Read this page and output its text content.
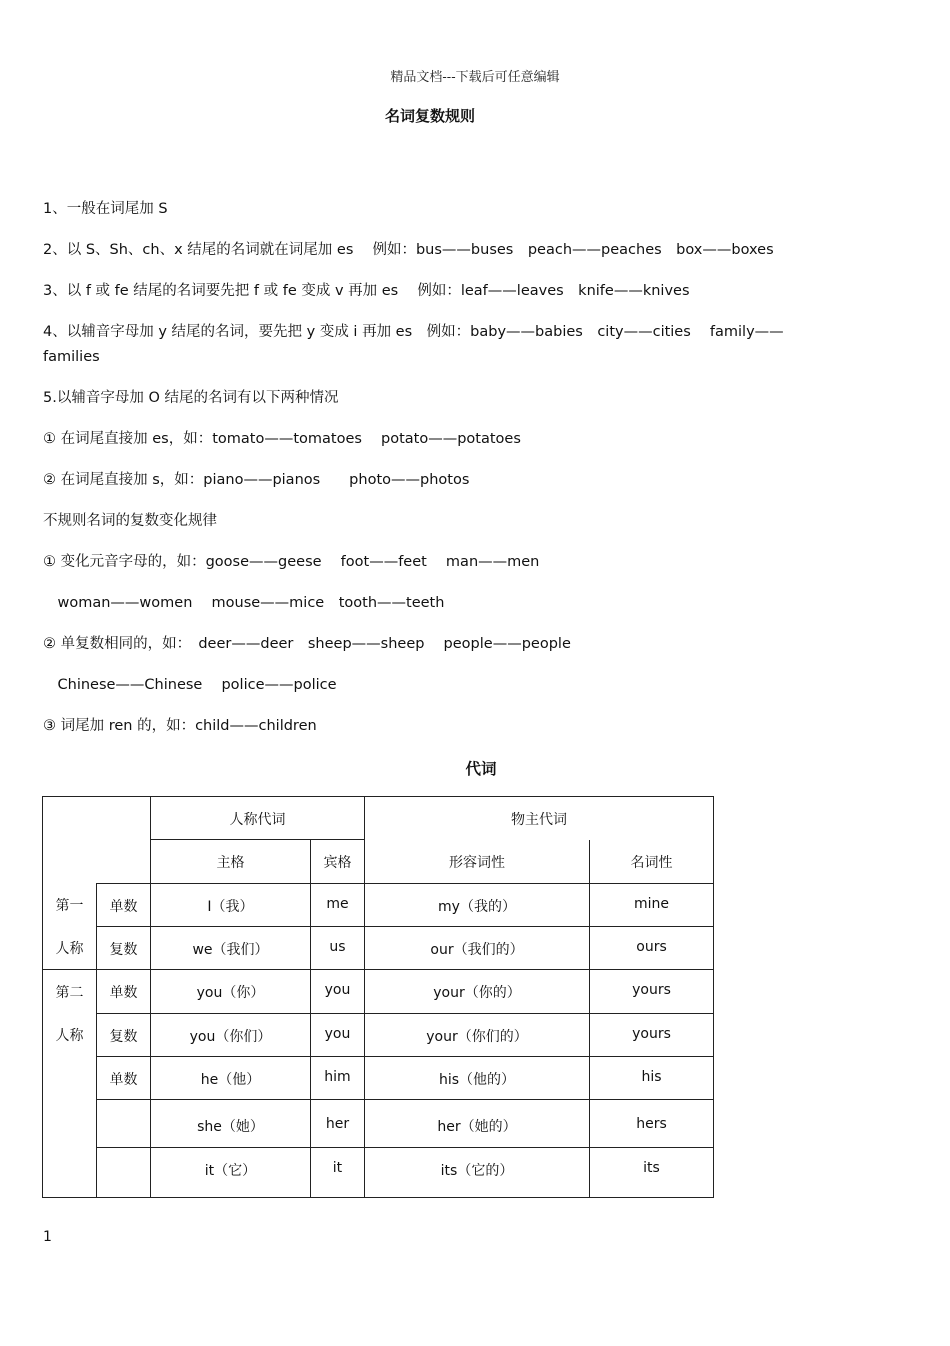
精品文档---下载后可任意编辑
名词复数规则
1、一般在词尾加 S
2、以 S、Sh、ch、x 结尾的名词就在词尾加 es　 例如：bus——buses　peach——peaches　box——boxes
3、以 f 或 fe 结尾的名词要先把 f 或 fe 变成 v 再加 es　 例如：leaf——leaves　knife——knives
4、以辅音字母加 y 结尾的名词，要先把 y 变成 i 再加 es　例如：baby——babies　city——cities　 family——
families
5.以辅音字母加 O 结尾的名词有以下两种情况
① 在词尾直接加 es，如：tomato——tomatoes　 potato——potatoes
② 在词尾直接加 s，如：piano——pianos　　photo——photos
不规则名词的复数变化规律
① 变化元音字母的，如：goose——geese　 foot——feet　 man——men
　woman——women　 mouse——mice　tooth——teeth
② 单复数相同的，如：　deer——deer　sheep——sheep　 people——people
　Chinese——Chinese　 police——police
③ 词尾加 ren 的，如：child——children
代词
		人称代词		物主代词	
		主格	宾格	形容词性	名词性
第一	单数	I（我）	me	my（我的）	mine
人称	复数	we（我们）	us	our（我们的）	ours
第二	单数	you（你）	you	your（你的）	yours
人称	复数	you（你们）	you	your（你们的）	yours
	单数	he（他）	him	his（他的）	his
		she（她）	her	her（她的）	hers
		it（它）	it	its（它的）	its
1
